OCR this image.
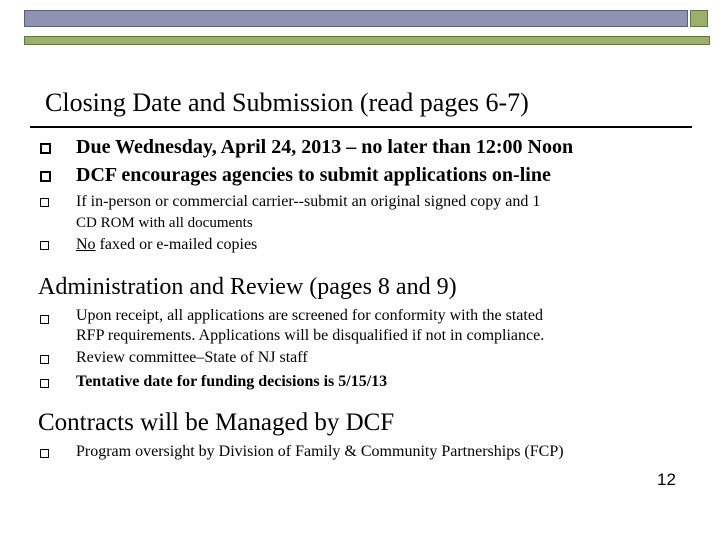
Closing Date and Submission (read pages 6-7)
Due Wednesday, April 24, 2013 – no later than 12:00 Noon
DCF encourages agencies to submit applications on-line
If in-person or commercial carrier--submit an original signed copy and 1
CD ROM with all documents
No faxed or e-mailed copies
Administration and Review (pages 8 and 9)
Upon receipt, all applications are screened for conformity with the stated
RFP requirements. Applications will be disqualified if not in compliance.
Review committee–State of NJ staff
Tentative date for funding decisions is 5/15/13
Contracts will be Managed by DCF
Program oversight by Division of Family & Community Partnerships (FCP)
12
